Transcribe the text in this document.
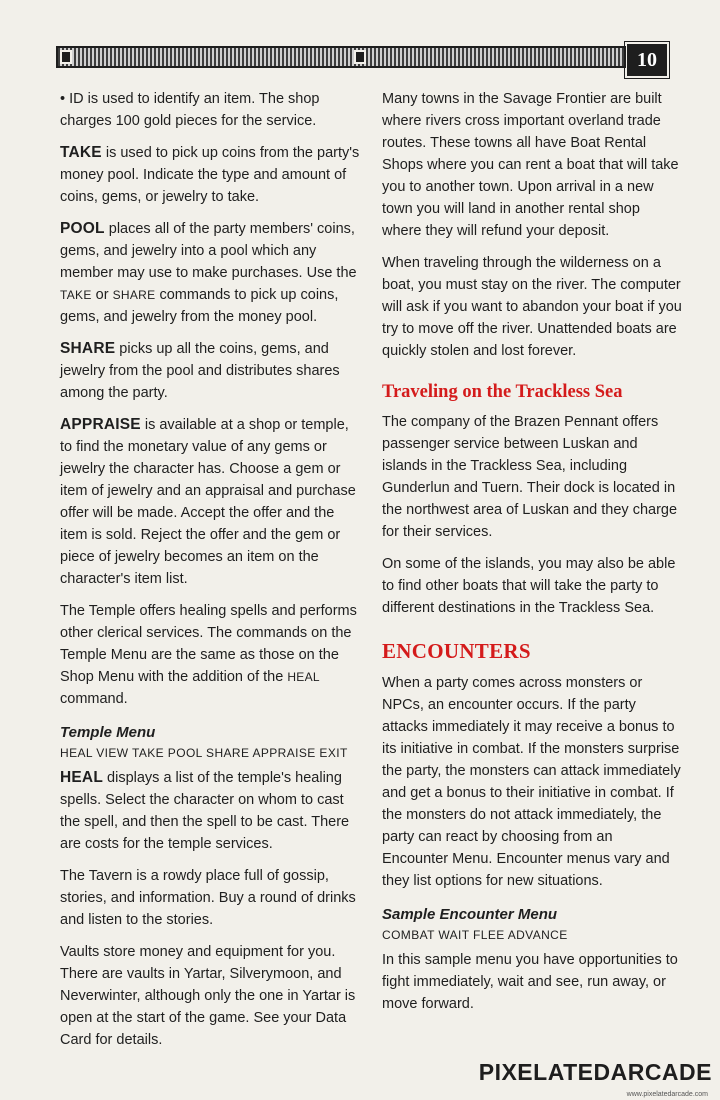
10

• ID is used to identify an item. The shop charges 100 gold pieces for the service.

TAKE is used to pick up coins from the party's money pool. Indicate the type and amount of coins, gems, or jewelry to take.

POOL places all of the party members' coins, gems, and jewelry into a pool which any member may use to make purchases. Use the TAKE or SHARE commands to pick up coins, gems, and jewelry from the money pool.

SHARE picks up all the coins, gems, and jewelry from the pool and distributes shares among the party.

APPRAISE is available at a shop or temple, to find the monetary value of any gems or jewelry the character has. Choose a gem or item of jewelry and an appraisal and purchase offer will be made. Accept the offer and the item is sold. Reject the offer and the gem or piece of jewelry becomes an item on the character's item list.

The Temple offers healing spells and performs other clerical services. The commands on the Temple Menu are the same as those on the Shop Menu with the addition of the HEAL command.

Temple Menu

HEAL VIEW TAKE POOL SHARE APPRAISE EXIT

HEAL displays a list of the temple's healing spells. Select the character on whom to cast the spell, and then the spell to be cast. There are costs for the temple services.

The Tavern is a rowdy place full of gossip, stories, and information. Buy a round of drinks and listen to the stories.

Vaults store money and equipment for you. There are vaults in Yartar, Silverymoon, and Neverwinter, although only the one in Yartar is open at the start of the game. See your Data Card for details.

Many towns in the Savage Frontier are built where rivers cross important overland trade routes. These towns all have Boat Rental Shops where you can rent a boat that will take you to another town. Upon arrival in a new town you will land in another rental shop where they will refund your deposit.

When traveling through the wilderness on a boat, you must stay on the river. The computer will ask if you want to abandon your boat if you try to move off the river. Unattended boats are quickly stolen and lost forever.

Traveling on the Trackless Sea

The company of the Brazen Pennant offers passenger service between Luskan and islands in the Trackless Sea, including Gunderlun and Tuern. Their dock is located in the northwest area of Luskan and they charge for their services.

On some of the islands, you may also be able to find other boats that will take the party to different destinations in the Trackless Sea.

ENCOUNTERS

When a party comes across monsters or NPCs, an encounter occurs. If the party attacks immediately it may receive a bonus to its initiative in combat. If the monsters surprise the party, the monsters can attack immediately and get a bonus to their initiative in combat. If the monsters do not attack immediately, the party can react by choosing from an Encounter Menu. Encounter menus vary and they list options for new situations.

Sample Encounter Menu

COMBAT WAIT FLEE ADVANCE

In this sample menu you have opportunities to fight immediately, wait and see, run away, or move forward.

PIXELATEDARCADE
www.pixelatedarcade.com
